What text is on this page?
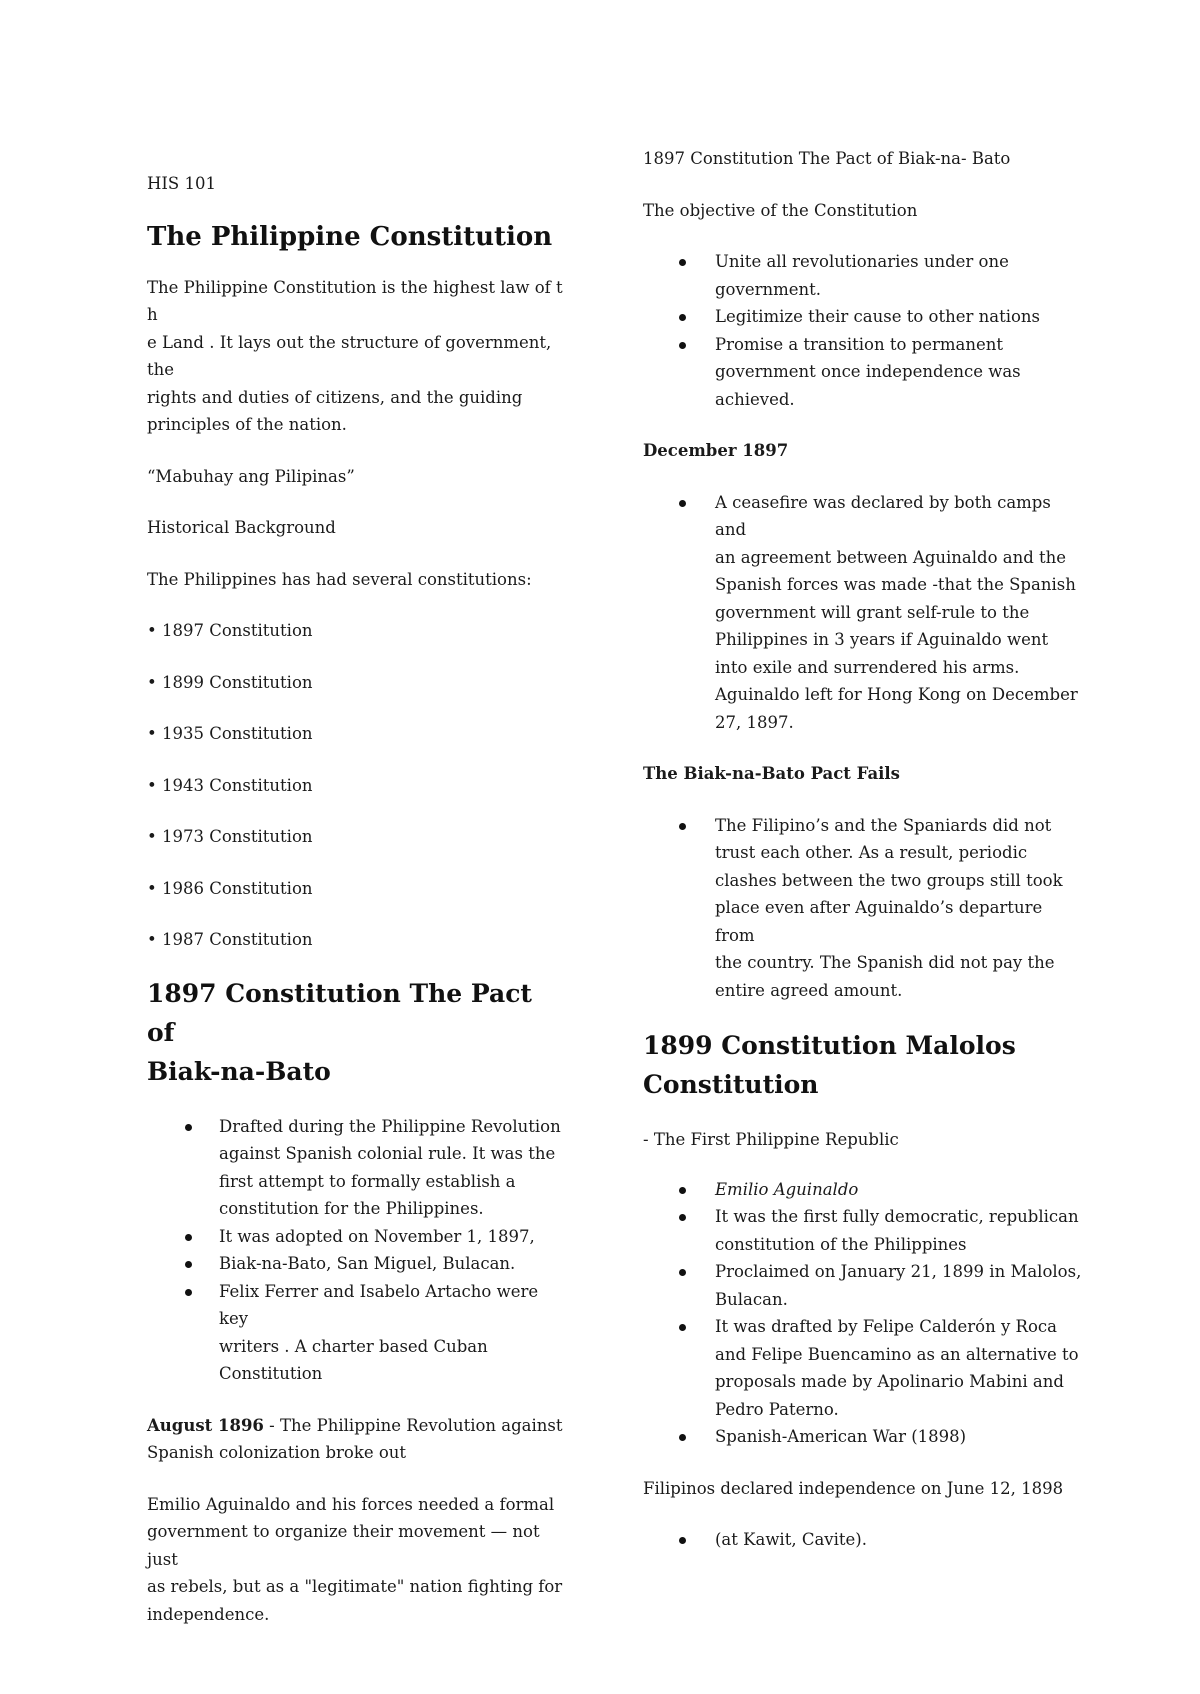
HIS 101

The Philippine Constitution

The Philippine Constitution is the highest law of t h

e Land . It lays out the structure of government, the

rights and duties of citizens, and the guiding

principles of the nation.

“Mabuhay ang Pilipinas”

Historical Background

The Philippines has had several constitutions:

• 1897 Constitution

• 1899 Constitution

• 1935 Constitution

• 1943 Constitution

• 1973 Constitution

• 1986 Constitution

• 1987 Constitution

1897 Constitution The Pact of
Biak-na-Bato
Drafted during the Philippine Revolution
against Spanish colonial rule. It was the
first attempt to formally establish a
constitution for the Philippines.
It was adopted on November 1, 1897,
Biak-na-Bato, San Miguel, Bulacan.
Felix Ferrer and Isabelo Artacho were key
writers . A charter based Cuban
Constitution

August 1896 - The Philippine Revolution against

Spanish colonization broke out

Emilio Aguinaldo and his forces needed a formal

government to organize their movement — not just

as rebels, but as a "legitimate" nation fighting for

independence.

1897 Constitution The Pact of Biak-na- Bato

The objective of the Constitution

Unite all revolutionaries under one
government.
Legitimize their cause to other nations
Promise a transition to permanent
government once independence was
achieved.

December 1897

A ceasefire was declared by both camps and
an agreement between Aguinaldo and the
Spanish forces was made -that the Spanish
government will grant self-rule to the
Philippines in 3 years if Aguinaldo went
into exile and surrendered his arms.
Aguinaldo left for Hong Kong on December
27, 1897.

The Biak-na-Bato Pact Fails

The Filipino’s and the Spaniards did not
trust each other. As a result, periodic
clashes between the two groups still took
place even after Aguinaldo’s departure from
the country. The Spanish did not pay the
entire agreed amount.
1899 Constitution Malolos
Constitution

- The First Philippine Republic

Emilio Aguinaldo
It was the first fully democratic, republican
constitution of the Philippines
Proclaimed on January 21, 1899 in Malolos,
Bulacan.
It was drafted by Felipe Calderón y Roca
and Felipe Buencamino as an alternative to
proposals made by Apolinario Mabini and
Pedro Paterno.
Spanish-American War (1898)

Filipinos declared independence on June 12, 1898

(at Kawit, Cavite).
